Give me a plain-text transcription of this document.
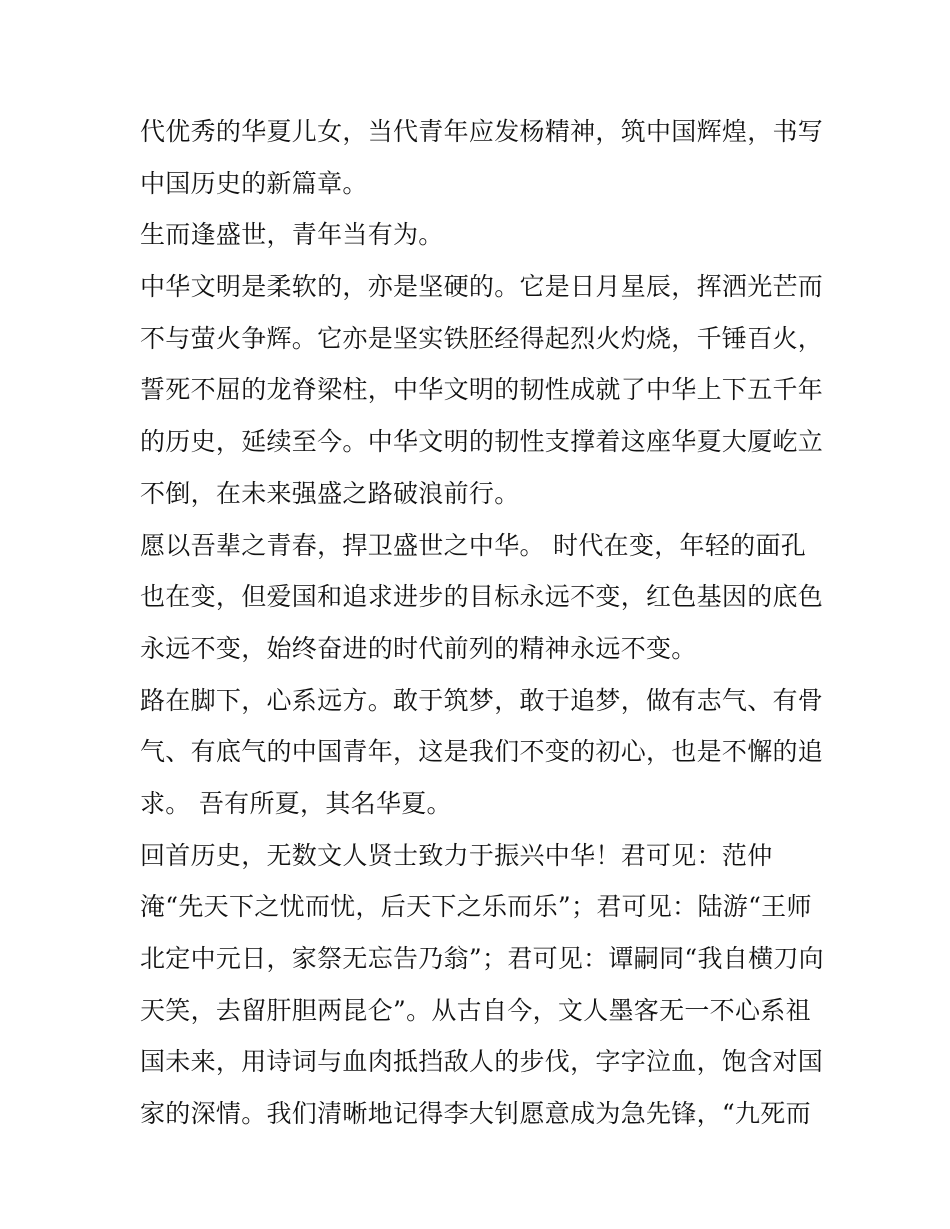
代优秀的华夏儿女，当代青年应发杨精神，筑中国辉煌，书写
中国历史的新篇章。
生而逢盛世，青年当有为。
中华文明是柔软的，亦是坚硬的。它是日月星辰，挥洒光芒而
不与萤火争辉。它亦是坚实铁胚经得起烈火灼烧，千锤百火，
誓死不屈的龙脊梁柱，中华文明的韧性成就了中华上下五千年
的历史，延续至今。中华文明的韧性支撑着这座华夏大厦屹立
不倒，在未来强盛之路破浪前行。
愿以吾辈之青春，捍卫盛世之中华。 时代在变，年轻的面孔
也在变，但爱国和追求进步的目标永远不变，红色基因的底色
永远不变，始终奋进的时代前列的精神永远不变。
路在脚下，心系远方。敢于筑梦，敢于追梦，做有志气、有骨
气、有底气的中国青年，这是我们不变的初心，也是不懈的追
求。 吾有所夏，其名华夏。
回首历史，无数文人贤士致力于振兴中华！君可见：范仲
淹“先天下之忧而忧，后天下之乐而乐”；君可见：陆游“王师
北定中元日，家祭无忘告乃翁”；君可见：谭嗣同“我自横刀向
天笑，去留肝胆两昆仑”。从古自今，文人墨客无一不心系祖
国未来，用诗词与血肉抵挡敌人的步伐，字字泣血，饱含对国
家的深情。我们清晰地记得李大钊愿意成为急先锋，“九死而
